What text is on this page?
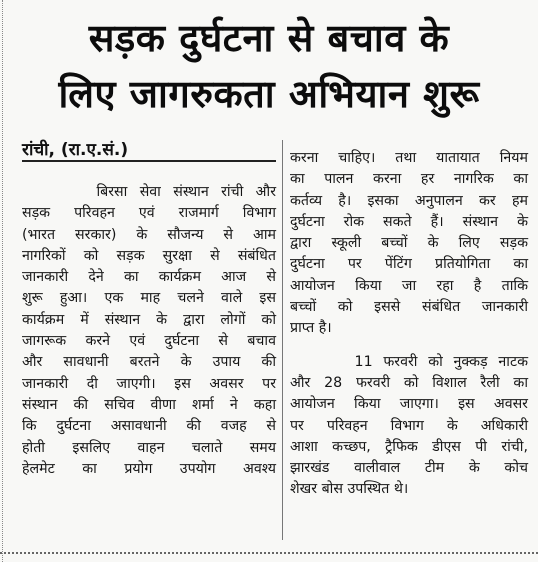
सड़क दुर्घटना से बचाव के
लिए जागरुकता अभियान शुरू
रांची, (रा.ए.सं.)
बिरसा सेवा संस्थान रांची और
सड़क परिवहन एवं राजमार्ग विभाग
(भारत सरकार) के सौजन्य से आम
नागरिकों को सड़क सुरक्षा से संबंधित
जानकारी देने का कार्यक्रम आज से
शुरू हुआ। एक माह चलने वाले इस
कार्यक्रम में संस्थान के द्वारा लोगों को
जागरूक करने एवं दुर्घटना से बचाव
और सावधानी बरतने के उपाय की
जानकारी दी जाएगी। इस अवसर पर
संस्थान की सचिव वीणा शर्मा ने कहा
कि दुर्घटना असावधानी की वजह से
होती इसलिए वाहन चलाते समय
हेलमेट का प्रयोग उपयोग अवश्य
करना चाहिए। तथा यातायात नियम
का पालन करना हर नागरिक का
कर्तव्य है। इसका अनुपालन कर हम
दुर्घटना रोक सकते हैं। संस्थान के
द्वारा स्कूली बच्चों के लिए सड़क
दुर्घटना पर पेंटिंग प्रतियोगिता का
आयोजन किया जा रहा है ताकि
बच्चों को इससे संबंधित जानकारी
प्राप्त है।
11 फरवरी को नुक्कड़ नाटक
और 28 फरवरी को विशाल रैली का
आयोजन किया जाएगा। इस अवसर
पर परिवहन विभाग के अधिकारी
आशा कच्छप, ट्रैफिक डीएस पी रांची,
झारखंड वालीवाल टीम के कोच
शेखर बोस उपस्थित थे।
